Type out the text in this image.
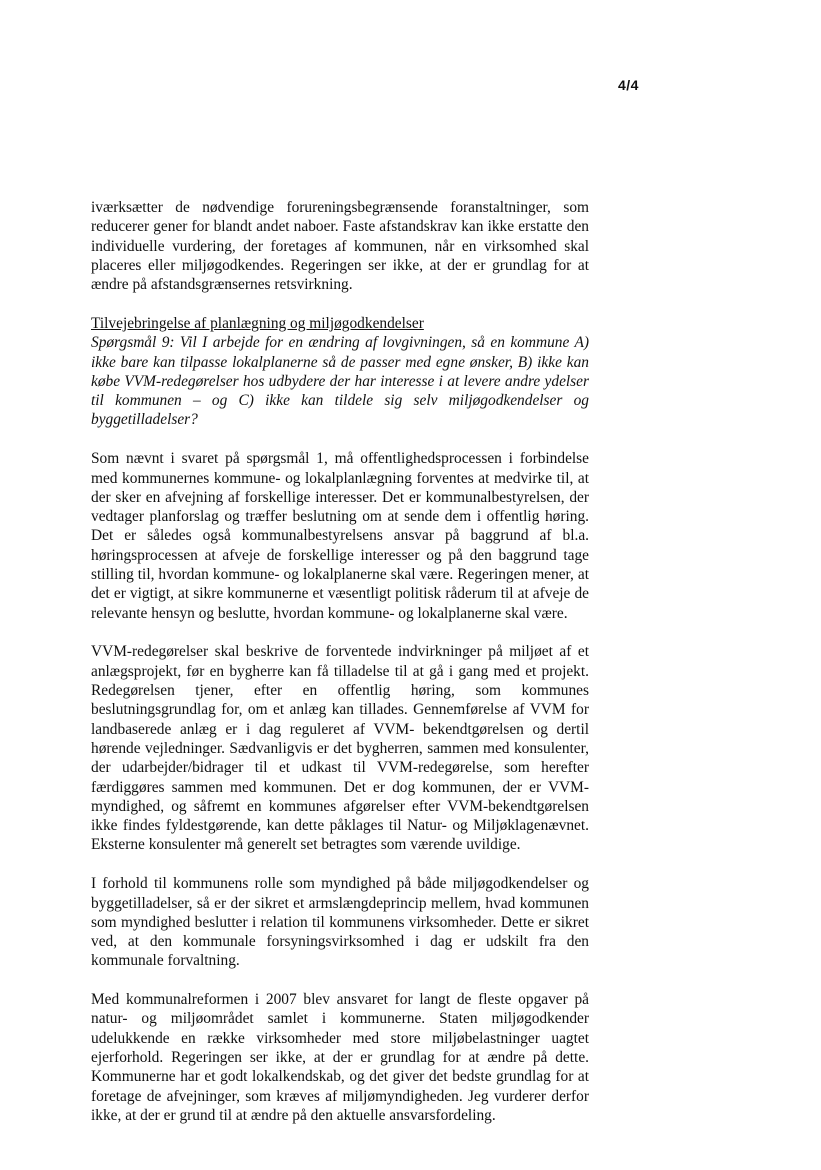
4/4

iværksætter de nødvendige forureningsbegrænsende foranstaltninger, som reducerer gener for blandt andet naboer. Faste afstandskrav kan ikke erstatte den individuelle vurdering, der foretages af kommunen, når en virksomhed skal placeres eller miljøgodkendes. Regeringen ser ikke, at der er grundlag for at ændre på afstandsgrænsernes retsvirkning.

Tilvejebringelse af planlægning og miljøgodkendelser

Spørgsmål 9: Vil I arbejde for en ændring af lovgivningen, så en kommune A) ikke bare kan tilpasse lokalplanerne så de passer med egne ønsker, B) ikke kan købe VVM-redegørelser hos udbydere der har interesse i at levere andre ydelser til kommunen – og C) ikke kan tildele sig selv miljøgodkendelser og byggetilladelser?

Som nævnt i svaret på spørgsmål 1, må offentlighedsprocessen i forbindelse med kommunernes kommune- og lokalplanlægning forventes at medvirke til, at der sker en afvejning af forskellige interesser. Det er kommunalbestyrelsen, der vedtager planforslag og træffer beslutning om at sende dem i offentlig høring. Det er således også kommunalbestyrelsens ansvar på baggrund af bl.a. høringsprocessen at afveje de forskellige interesser og på den baggrund tage stilling til, hvordan kommune- og lokalplanerne skal være. Regeringen mener, at det er vigtigt, at sikre kommunerne et væsentligt politisk råderum til at afveje de relevante hensyn og beslutte, hvordan kommune- og lokalplanerne skal være.

VVM-redegørelser skal beskrive de forventede indvirkninger på miljøet af et anlægsprojekt, før en bygherre kan få tilladelse til at gå i gang med et projekt. Redegørelsen tjener, efter en offentlig høring, som kommunes beslutningsgrundlag for, om et anlæg kan tillades. Gennemførelse af VVM for landbaserede anlæg er i dag reguleret af VVM- bekendtgørelsen og dertil hørende vejledninger. Sædvanligvis er det bygherren, sammen med konsulenter, der udarbejder/bidrager til et udkast til VVM-redegørelse, som herefter færdiggøres sammen med kommunen. Det er dog kommunen, der er VVM-myndighed, og såfremt en kommunes afgørelser efter VVM-bekendtgørelsen ikke findes fyldestgørende, kan dette påklages til Natur- og Miljøklagenævnet. Eksterne konsulenter må generelt set betragtes som værende uvildige.

I forhold til kommunens rolle som myndighed på både miljøgodkendelser og byggetilladelser, så er der sikret et armslængdeprincip mellem, hvad kommunen som myndighed beslutter i relation til kommunens virksomheder. Dette er sikret ved, at den kommunale forsyningsvirksomhed i dag er udskilt fra den kommunale forvaltning.

Med kommunalreformen i 2007 blev ansvaret for langt de fleste opgaver på natur- og miljøområdet samlet i kommunerne. Staten miljøgodkender udelukkende en række virksomheder med store miljøbelastninger uagtet ejerforhold. Regeringen ser ikke, at der er grundlag for at ændre på dette. Kommunerne har et godt lokalkendskab, og det giver det bedste grundlag for at foretage de afvejninger, som kræves af miljømyndigheden. Jeg vurderer derfor ikke, at der er grund til at ændre på den aktuelle ansvarsfordeling.
